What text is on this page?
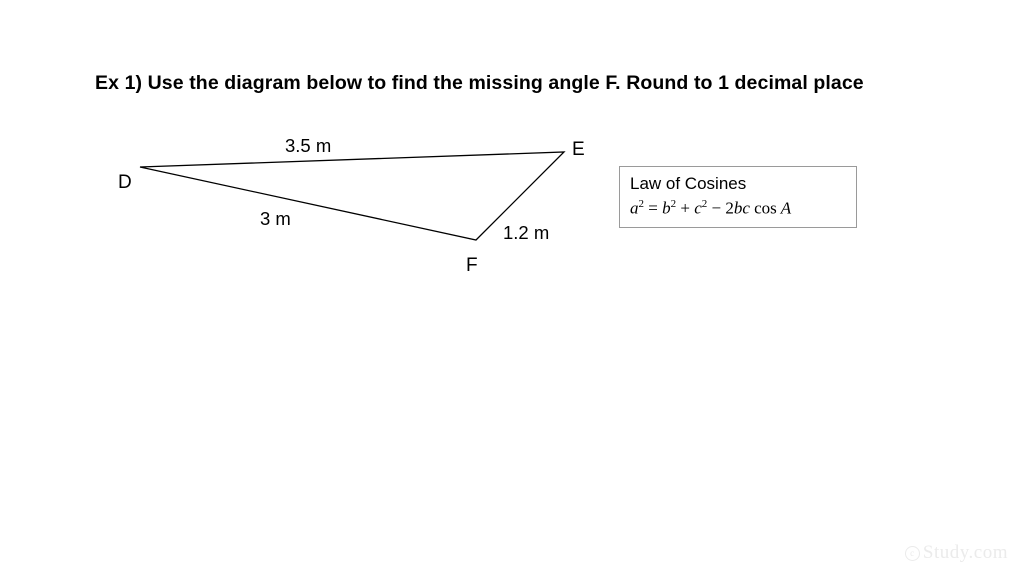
Ex 1) Use the diagram below to find the missing angle F. Round to 1 decimal place
D
E
F
3.5 m
3 m
1.2 m
Law of Cosines
$a^2 = b^2 + c^2 - 2bc$ cos A
c Study.com
